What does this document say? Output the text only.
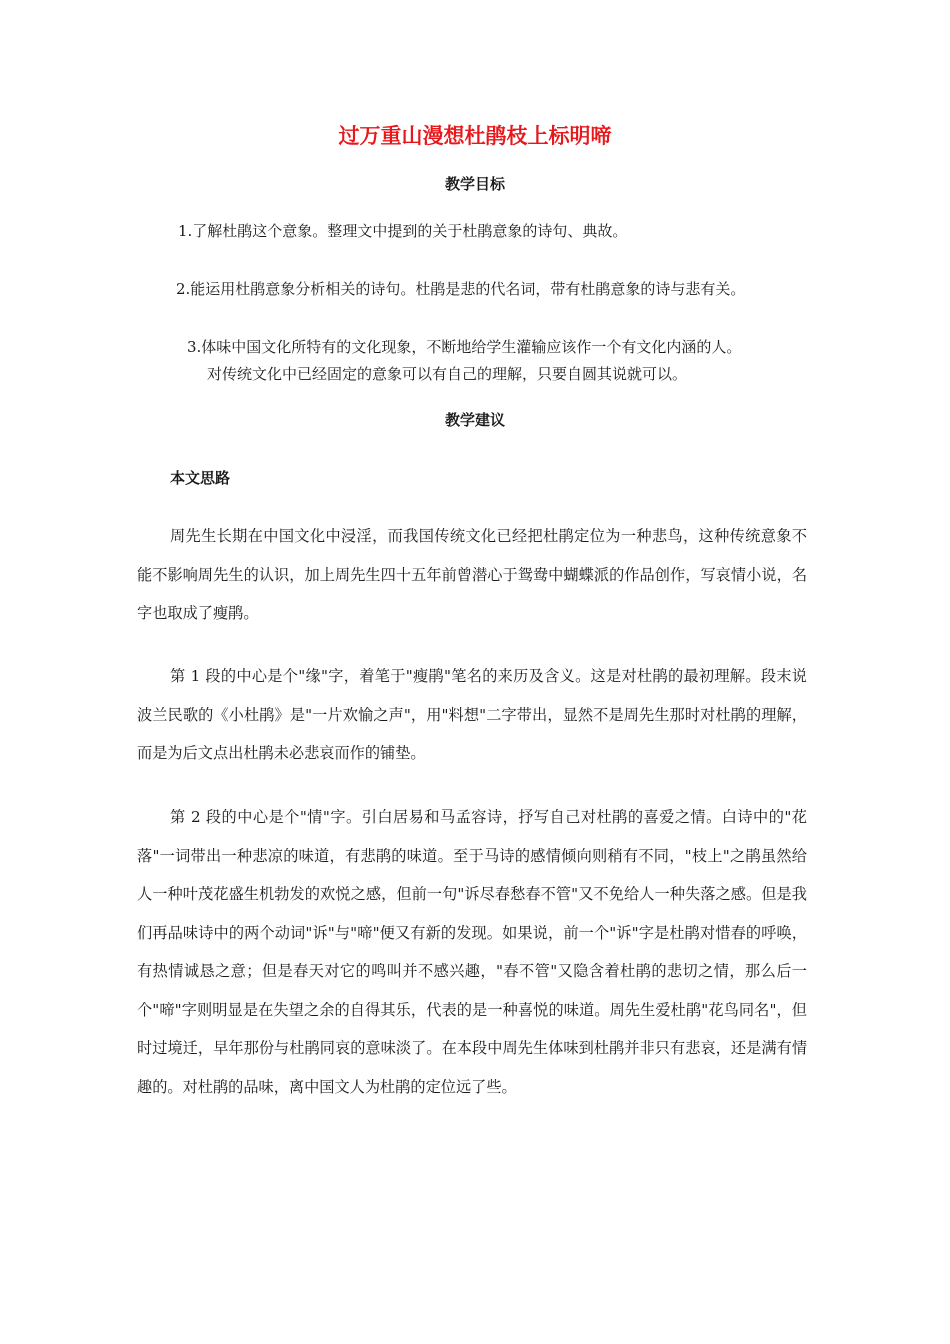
过万重山漫想杜鹃枝上标明啼
教学目标

1.了解杜鹃这个意象。整理文中提到的关于杜鹃意象的诗句、典故。

2.能运用杜鹃意象分析相关的诗句。杜鹃是悲的代名词，带有杜鹃意象的诗与悲有关。

3.体味中国文化所特有的文化现象，不断地给学生灌输应该作一个有文化内涵的人。

对传统文化中已经固定的意象可以有自己的理解，只要自圆其说就可以。

教学建议
本文思路

周先生长期在中国文化中浸淫，而我国传统文化已经把杜鹃定位为一种悲鸟，这种传统意象不能不影响周先生的认识，加上周先生四十五年前曾潜心于鸳鸯中蝴蝶派的作品创作，写哀情小说，名字也取成了瘦鹃。

第 1 段的中心是个"缘"字，着笔于"瘦鹃"笔名的来历及含义。这是对杜鹃的最初理解。段末说波兰民歌的《小杜鹃》是"一片欢愉之声"，用"料想"二字带出，显然不是周先生那时对杜鹃的理解，而是为后文点出杜鹃未必悲哀而作的铺垫。

第 2 段的中心是个"情"字。引白居易和马孟容诗，抒写自己对杜鹃的喜爱之情。白诗中的"花落"一词带出一种悲凉的味道，有悲鹃的味道。至于马诗的感情倾向则稍有不同，"枝上"之鹃虽然给人一种叶茂花盛生机勃发的欢悦之感，但前一句"诉尽春愁春不管"又不免给人一种失落之感。但是我们再品味诗中的两个动词"诉"与"啼"便又有新的发现。如果说，前一个"诉"字是杜鹃对惜春的呼唤，有热情诚恳之意；但是春天对它的鸣叫并不感兴趣，"春不管"又隐含着杜鹃的悲切之情，那么后一个"啼"字则明显是在失望之余的自得其乐，代表的是一种喜悦的味道。周先生爱杜鹃"花鸟同名"，但时过境迁，早年那份与杜鹃同哀的意味淡了。在本段中周先生体味到杜鹃并非只有悲哀，还是满有情趣的。对杜鹃的品味，离中国文人为杜鹃的定位远了些。
